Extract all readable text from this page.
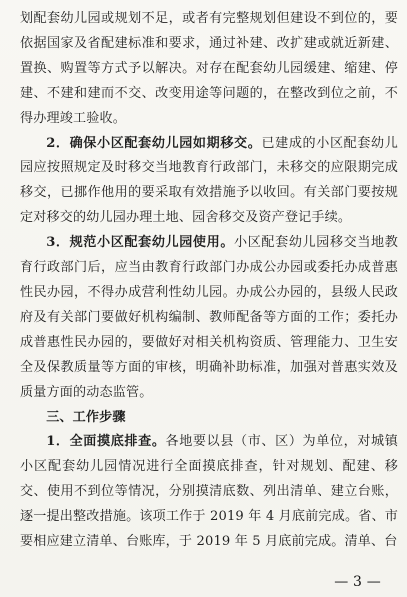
划配套幼儿园或规划不足，或者有完整规划但建设不到位的，要依据国家及省配建标准和要求，通过补建、改扩建或就近新建、置换、购置等方式予以解决。对存在配套幼儿园缓建、缩建、停建、不建和建而不交、改变用途等问题的，在整改到位之前，不得办理竣工验收。

2．确保小区配套幼儿园如期移交。已建成的小区配套幼儿园应按照规定及时移交当地教育行政部门，未移交的应限期完成移交，已挪作他用的要采取有效措施予以收回。有关部门要按规定对移交的幼儿园办理土地、园舍移交及资产登记手续。

3．规范小区配套幼儿园使用。小区配套幼儿园移交当地教育行政部门后，应当由教育行政部门办成公办园或委托办成普惠性民办园，不得办成营利性幼儿园。办成公办园的，县级人民政府及有关部门要做好机构编制、教师配备等方面的工作；委托办成普惠性民办园的，要做好对相关机构资质、管理能力、卫生安全及保教质量等方面的审核，明确补助标准，加强对普惠实效及质量方面的动态监管。

三、工作步骤

1．全面摸底排查。各地要以县（市、区）为单位，对城镇小区配套幼儿园情况进行全面摸底排查，针对规划、配建、移交、使用不到位等情况，分别摸清底数、列出清单、建立台账，逐一提出整改措施。该项工作于 2019 年 4 月底前完成。省、市要相应建立清单、台账库，于 2019 年 5 月底前完成。清单、台

— 3 —
